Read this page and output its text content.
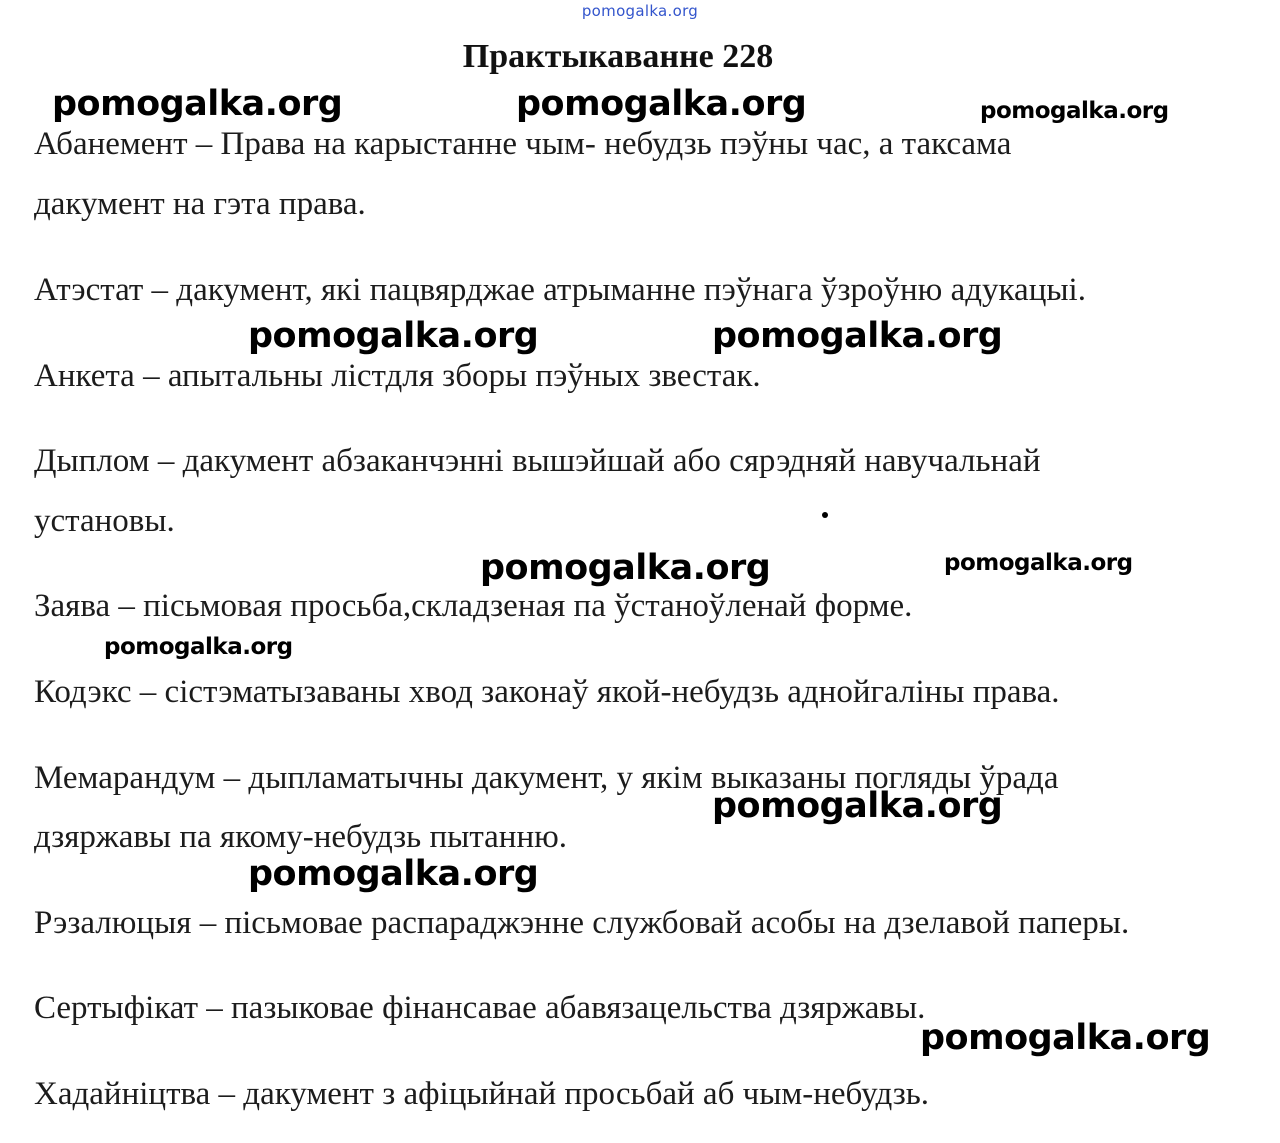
pomogalka.org
Практыкаванне 228
Абанемент – Права на карыстанне чым- небудзь пэўны час, а таксама
дакумент на гэта права.
Атэстат – дакумент, які пацвярджае атрыманне пэўнага ўзроўню адукацыі.
Анкета – апытальны лістдля зборы пэўных звестак.
Дыплом – дакумент абзаканчэнні вышэйшай або сярэдняй навучальнай
установы.
Заява – пісьмовая просьба,складзеная па ўстаноўленай форме.
Кодэкс – сістэматызаваны хвод законаў якой-небудзь аднойгаліны права.
Мемарандум – дыпламатычны дакумент, у якім выказаны погляды ўрада
дзяржавы па якому-небудзь пытанню.
Рэзалюцыя – пісьмовае распараджэнне службовай асобы на дзелавой паперы.
Сертыфікат – пазыковае фінансавае абавязацельства дзяржавы.
Хадайніцтва – дакумент з афіцыйнай просьбай аб чым-небудзь.
pomogalka.org	pomogalka.org	pomogalka.org
pomogalka.org	pomogalka.org
pomogalka.org	pomogalka.org
pomogalka.org
pomogalka.org
pomogalka.org
pomogalka.org
